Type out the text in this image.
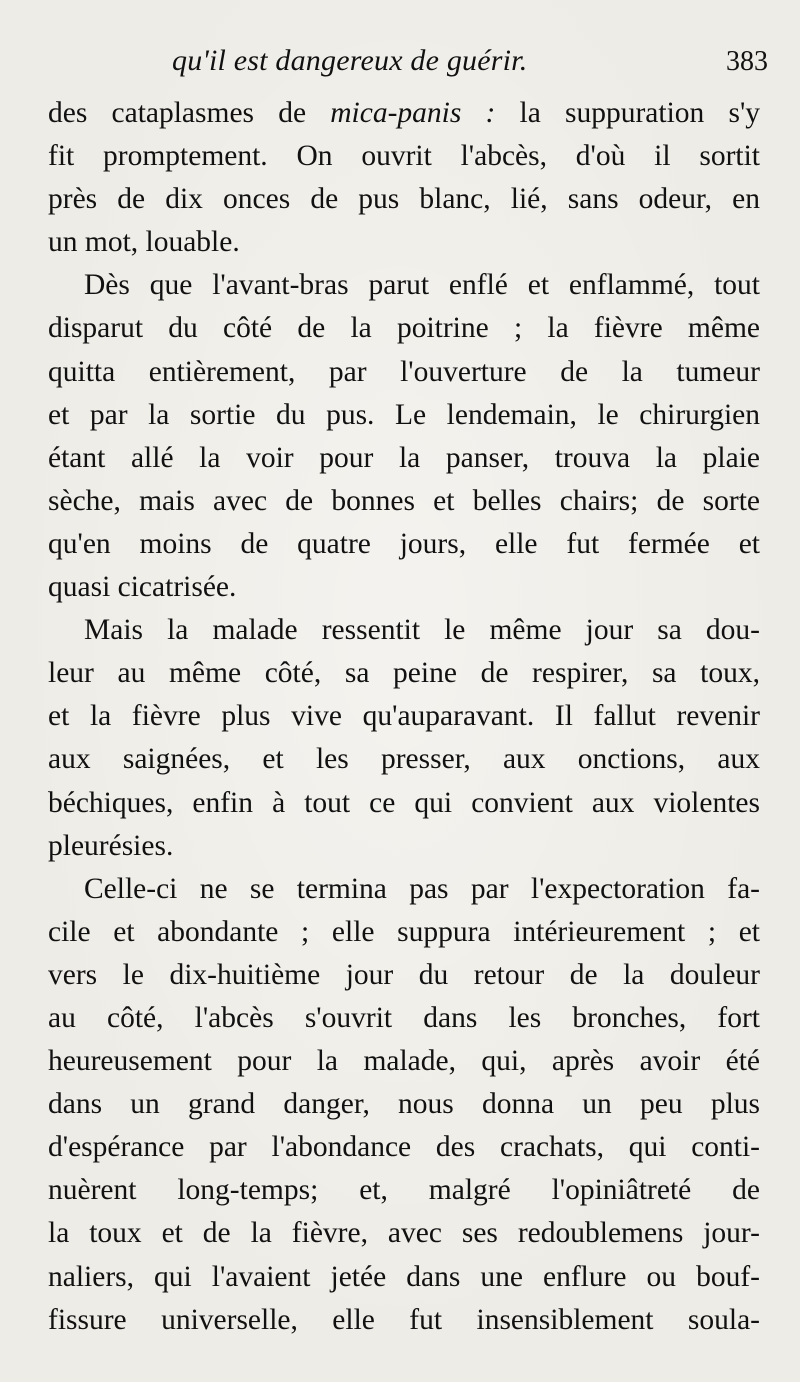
qu'il est dangereux de guérir.	383
des cataplasmes de mica-panis : la suppuration s'y
fit promptement. On ouvrit l'abcès, d'où il sortit
près de dix onces de pus blanc, lié, sans odeur, en
un mot, louable.
Dès que l'avant-bras parut enflé et enflammé, tout
disparut du côté de la poitrine ; la fièvre même
quitta entièrement, par l'ouverture de la tumeur
et par la sortie du pus. Le lendemain, le chirurgien
étant allé la voir pour la panser, trouva la plaie
sèche, mais avec de bonnes et belles chairs; de sorte
qu'en moins de quatre jours, elle fut fermée et
quasi cicatrisée.
Mais la malade ressentit le même jour sa dou-
leur au même côté, sa peine de respirer, sa toux,
et la fièvre plus vive qu'auparavant. Il fallut revenir
aux saignées, et les presser, aux onctions, aux
béchiques, enfin à tout ce qui convient aux violentes
pleurésies.
Celle-ci ne se termina pas par l'expectoration fa-
cile et abondante ; elle suppura intérieurement ; et
vers le dix-huitième jour du retour de la douleur
au côté, l'abcès s'ouvrit dans les bronches, fort
heureusement pour la malade, qui, après avoir été
dans un grand danger, nous donna un peu plus
d'espérance par l'abondance des crachats, qui conti-
nuèrent long-temps; et, malgré l'opiniâtreté de
la toux et de la fièvre, avec ses redoublemens jour-
naliers, qui l'avaient jetée dans une enflure ou bouf-
fissure universelle, elle fut insensiblement soula-
